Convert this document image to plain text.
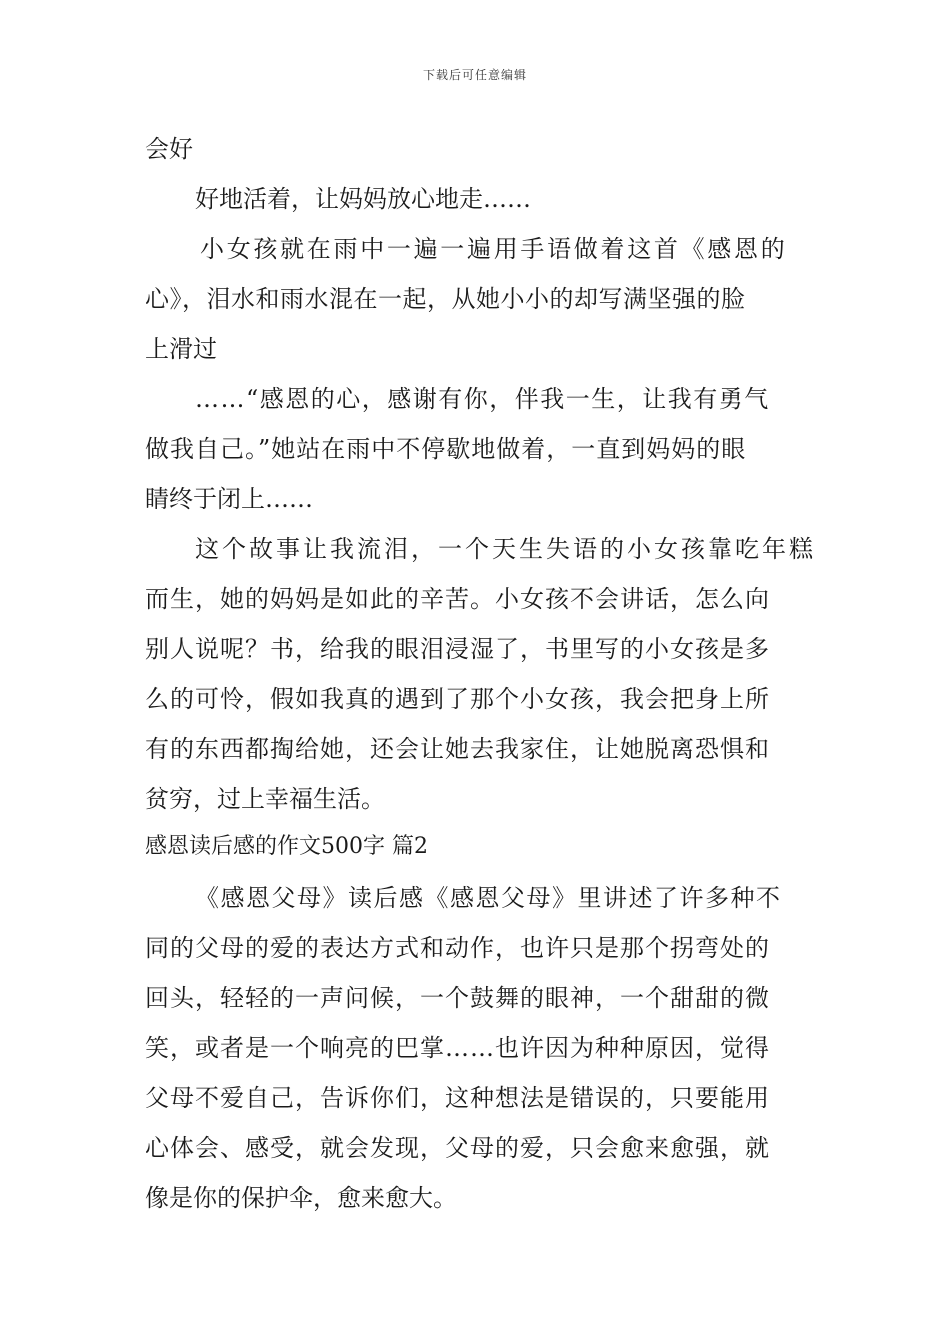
下载后可任意编辑
会好
好地活着，让妈妈放心地走……
小女孩就在雨中一遍一遍用手语做着这首《感恩的
心》，泪水和雨水混在一起，从她小小的却写满坚强的脸
上滑过
……“感恩的心，感谢有你，伴我一生，让我有勇气
做我自己。”她站在雨中不停歇地做着，一直到妈妈的眼
睛终于闭上……
这个故事让我流泪，一个天生失语的小女孩靠吃年糕
而生，她的妈妈是如此的辛苦。小女孩不会讲话，怎么向
别人说呢？书，给我的眼泪浸湿了，书里写的小女孩是多
么的可怜，假如我真的遇到了那个小女孩，我会把身上所
有的东西都掏给她，还会让她去我家住，让她脱离恐惧和
贫穷，过上幸福生活。
感恩读后感的作文500字 篇2
《感恩父母》读后感《感恩父母》里讲述了许多种不
同的父母的爱的表达方式和动作，也许只是那个拐弯处的
回头，轻轻的一声问候，一个鼓舞的眼神，一个甜甜的微
笑，或者是一个响亮的巴掌……也许因为种种原因，觉得
父母不爱自己，告诉你们，这种想法是错误的，只要能用
心体会、感受，就会发现，父母的爱，只会愈来愈强，就
像是你的保护伞，愈来愈大。
